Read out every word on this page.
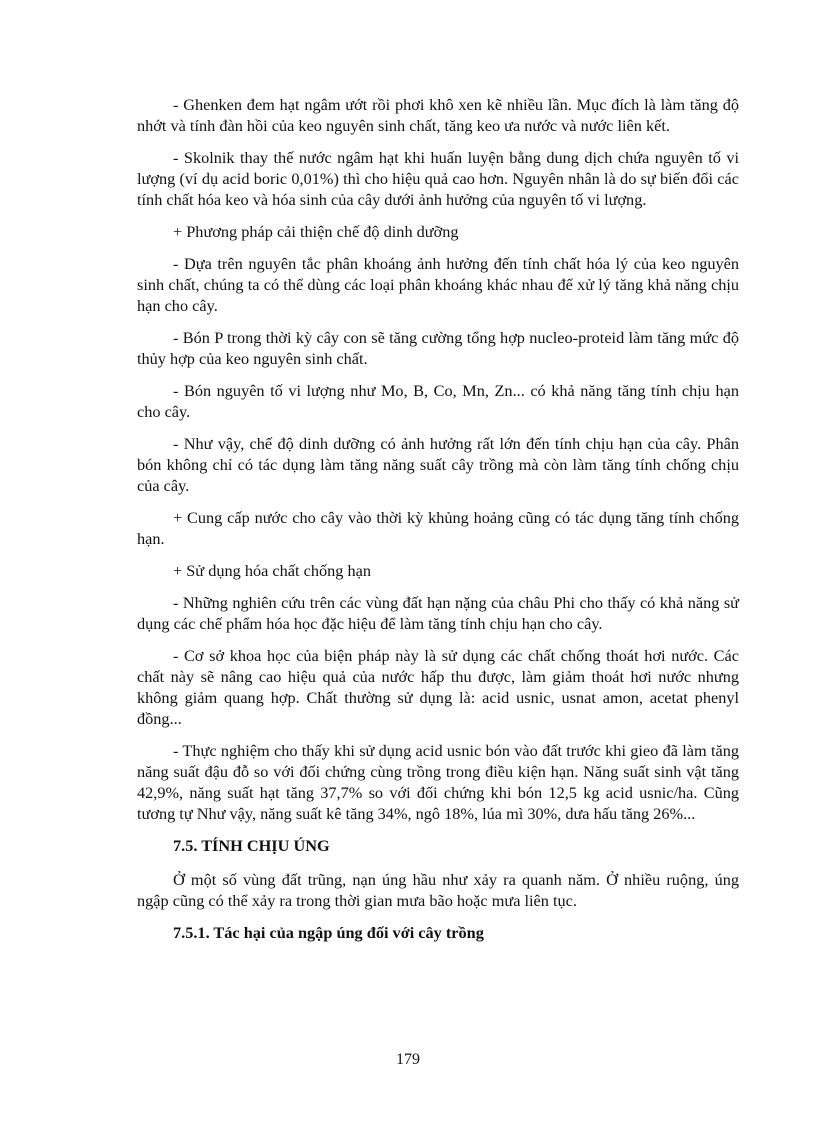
- Ghenken đem hạt ngâm ướt rồi phơi khô xen kẽ nhiều lần. Mục đích là làm tăng độ nhớt và tính đàn hồi của keo nguyên sinh chất, tăng keo ưa nước và nước liên kết.

- Skolnik thay thế nước ngâm hạt khi huấn luyện bằng dung dịch chứa nguyên tố vi lượng (ví dụ acid boric 0,01%) thì cho hiệu quả cao hơn. Nguyên nhân là do sự biến đổi các tính chất hóa keo và hóa sinh của cây dưới ảnh hưởng của nguyên tố vi lượng.

+ Phương pháp cải thiện chế độ dinh dưỡng

- Dựa trên nguyên tắc phân khoáng ảnh hưởng đến tính chất hóa lý của keo nguyên sinh chất, chúng ta có thể dùng các loại phân khoáng khác nhau để xử lý tăng khả năng chịu hạn cho cây.

- Bón P trong thời kỳ cây con sẽ tăng cường tổng hợp nucleo-proteid làm tăng mức độ thủy hợp của keo nguyên sinh chất.

- Bón nguyên tố vi lượng như Mo, B, Co, Mn, Zn... có khả năng tăng tính chịu hạn cho cây.

- Như vậy, chế độ dinh dưỡng có ảnh hưởng rất lớn đến tính chịu hạn của cây. Phân bón không chỉ có tác dụng làm tăng năng suất cây trồng mà còn làm tăng tính chống chịu của cây.

+ Cung cấp nước cho cây vào thời kỳ khủng hoảng cũng có tác dụng tăng tính chống hạn.

+ Sử dụng hóa chất chống hạn

- Những nghiên cứu trên các vùng đất hạn nặng của châu Phi cho thấy có khả năng sử dụng các chế phẩm hóa học đặc hiệu để làm tăng tính chịu hạn cho cây.

- Cơ sở khoa học của biện pháp này là sử dụng các chất chống thoát hơi nước. Các chất này sẽ nâng cao hiệu quả của nước hấp thu được, làm giảm thoát hơi nước nhưng không giảm quang hợp. Chất thường sử dụng là: acid usnic, usnat amon, acetat phenyl đồng...

- Thực nghiệm cho thấy khi sử dụng acid usnic bón vào đất trước khi gieo đã làm tăng năng suất đậu đỗ so với đối chứng cùng trồng trong điều kiện hạn. Năng suất sinh vật tăng 42,9%, năng suất hạt tăng 37,7% so với đối chứng khi bón 12,5 kg acid usnic/ha. Cũng tương tự Như vậy, năng suất kê tăng 34%, ngô 18%, lúa mì 30%, dưa hấu tăng 26%...

7.5. TÍNH CHỊU ÚNG

Ở một số vùng đất trũng, nạn úng hầu như xảy ra quanh năm. Ở nhiều ruộng, úng ngập cũng có thể xảy ra trong thời gian mưa bão hoặc mưa liên tục.

7.5.1. Tác hại của ngập úng đối với cây trồng

179
